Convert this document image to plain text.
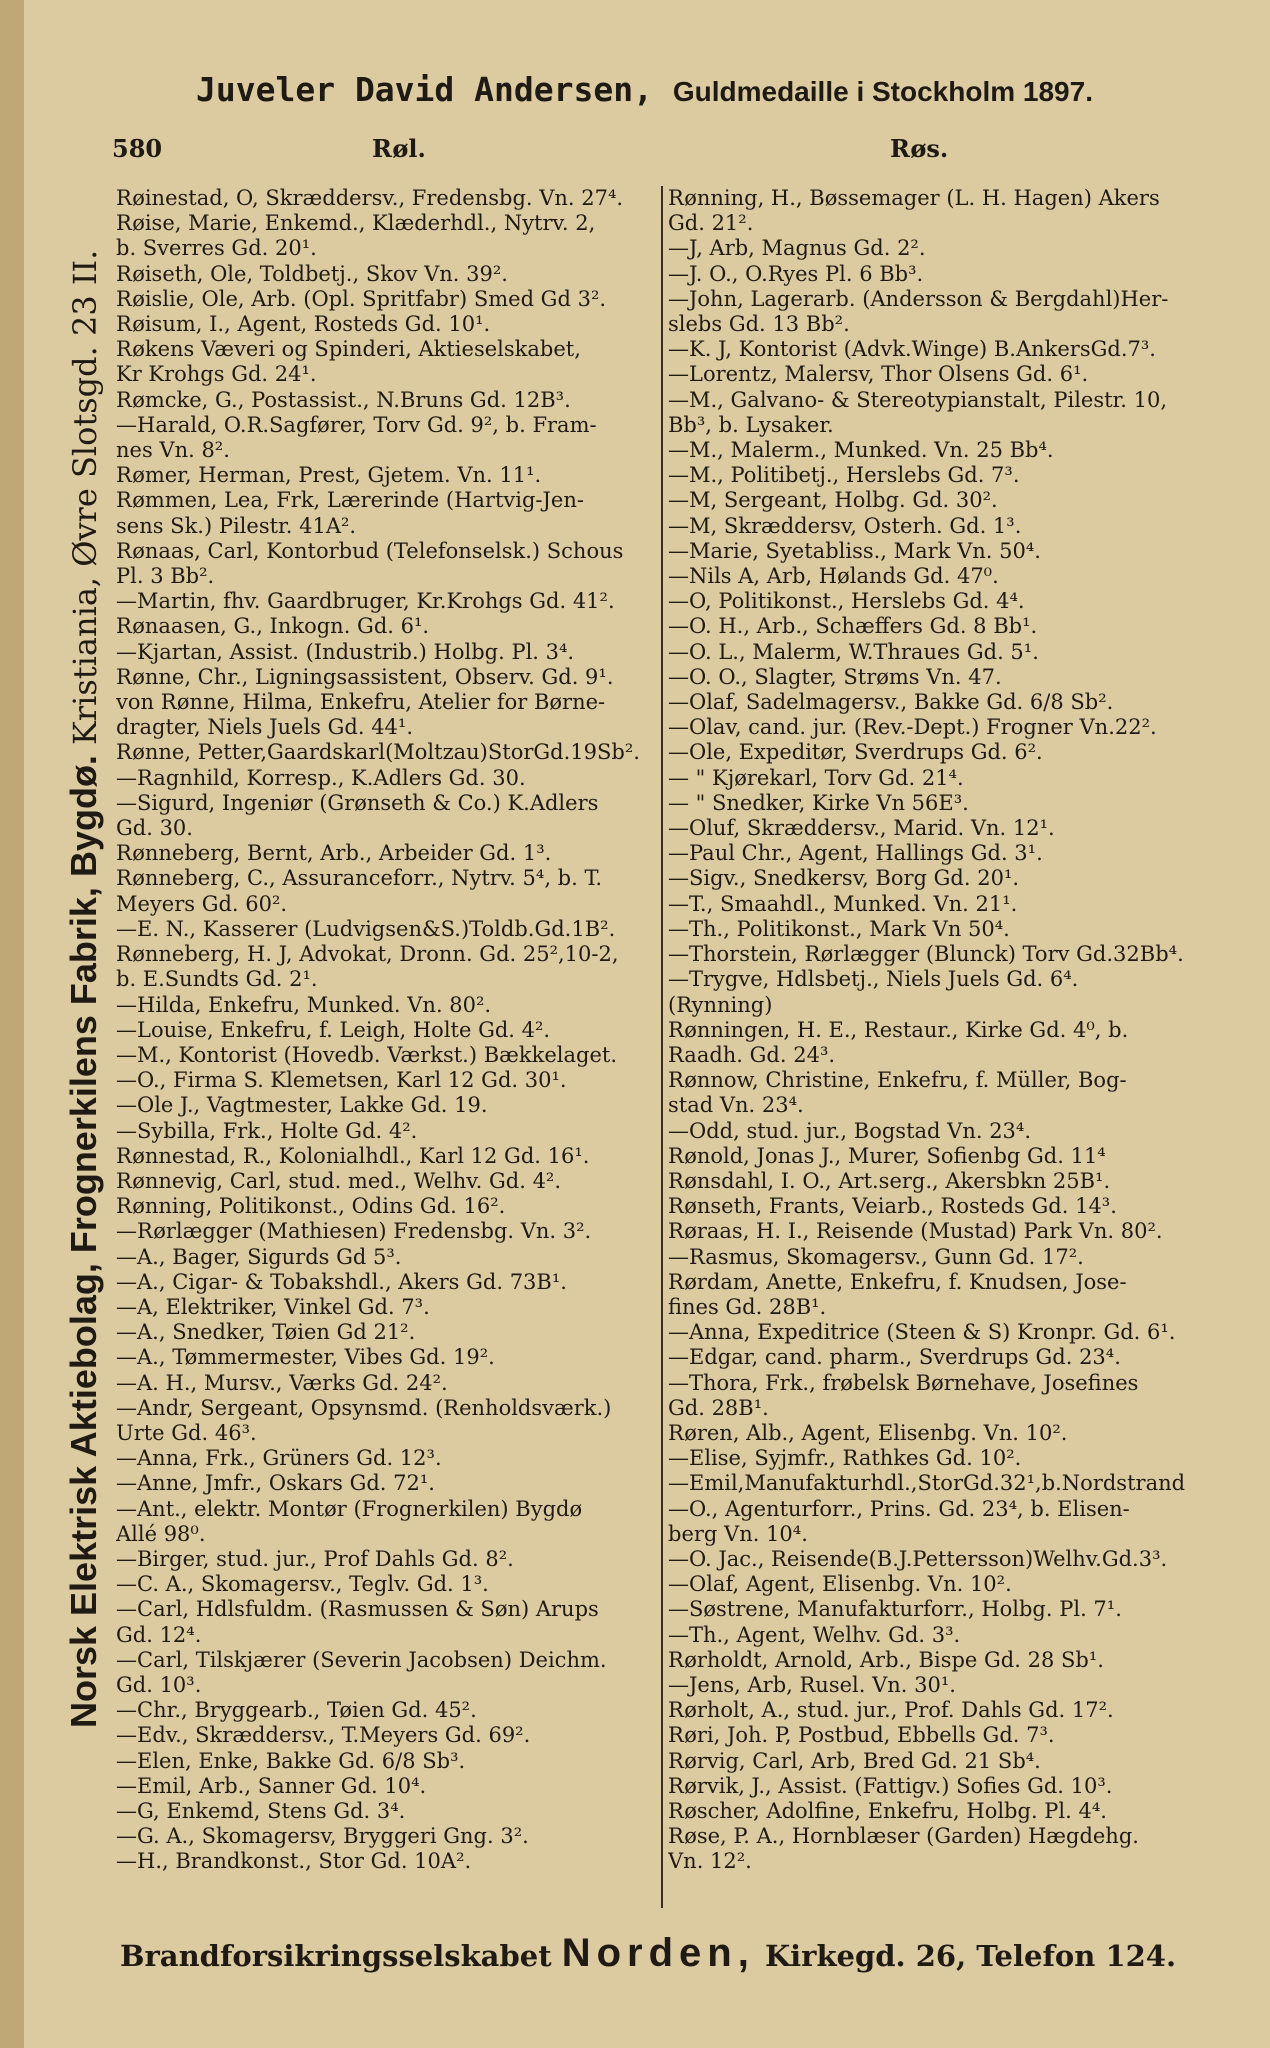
Juveler David Andersen, Guldmedaille i Stockholm 1897.
580	Røl.	Røs.
Norsk Elektrisk Aktiebolag, Frognerkilens Fabrik, Bygdø. Kristiania, Øvre Slotsgd. 23 II.
Røinestad, O, Skræddersv., Fredensbg. Vn. 27⁴.
Røise, Marie, Enkemd., Klæderhdl., Nytrv. 2,
b. Sverres Gd. 20¹.
Røiseth, Ole, Toldbetj., Skov Vn. 39².
Røislie, Ole, Arb. (Opl. Spritfabr) Smed Gd 3².
Røisum, I., Agent, Rosteds Gd. 10¹.
Røkens Væveri og Spinderi, Aktieselskabet,
Kr Krohgs Gd. 24¹.
Rømcke, G., Postassist., N.Bruns Gd. 12B³.
—Harald, O.R.Sagfører, Torv Gd. 9², b. Fram-
nes Vn. 8².
Rømer, Herman, Prest, Gjetem. Vn. 11¹.
Rømmen, Lea, Frk, Lærerinde (Hartvig-Jen-
sens Sk.) Pilestr. 41A².
Rønaas, Carl, Kontorbud (Telefonselsk.) Schous
Pl. 3 Bb².
—Martin, fhv. Gaardbruger, Kr.Krohgs Gd. 41².
Rønaasen, G., Inkogn. Gd. 6¹.
—Kjartan, Assist. (Industrib.) Holbg. Pl. 3⁴.
Rønne, Chr., Ligningsassistent, Observ. Gd. 9¹.
von Rønne, Hilma, Enkefru, Atelier for Børne-
dragter, Niels Juels Gd. 44¹.
Rønne, Petter,Gaardskarl(Moltzau)StorGd.19Sb².
—Ragnhild, Korresp., K.Adlers Gd. 30.
—Sigurd, Ingeniør (Grønseth & Co.) K.Adlers
Gd. 30.
Rønneberg, Bernt, Arb., Arbeider Gd. 1³.
Rønneberg, C., Assuranceforr., Nytrv. 5⁴, b. T.
Meyers Gd. 60².
—E. N., Kasserer (Ludvigsen&S.)Toldb.Gd.1B².
Rønneberg, H. J, Advokat, Dronn. Gd. 25²,10-2,
b. E.Sundts Gd. 2¹.
—Hilda, Enkefru, Munked. Vn. 80².
—Louise, Enkefru, f. Leigh, Holte Gd. 4².
—M., Kontorist (Hovedb. Værkst.) Bækkelaget.
—O., Firma S. Klemetsen, Karl 12 Gd. 30¹.
—Ole J., Vagtmester, Lakke Gd. 19.
—Sybilla, Frk., Holte Gd. 4².
Rønnestad, R., Kolonialhdl., Karl 12 Gd. 16¹.
Rønnevig, Carl, stud. med., Welhv. Gd. 4².
Rønning, Politikonst., Odins Gd. 16².
—Rørlægger (Mathiesen) Fredensbg. Vn. 3².
—A., Bager, Sigurds Gd 5³.
—A., Cigar- & Tobakshdl., Akers Gd. 73B¹.
—A, Elektriker, Vinkel Gd. 7³.
—A., Snedker, Tøien Gd 21².
—A., Tømmermester, Vibes Gd. 19².
—A. H., Mursv., Værks Gd. 24².
—Andr, Sergeant, Opsynsmd. (Renholdsværk.)
Urte Gd. 46³.
—Anna, Frk., Grüners Gd. 12³.
—Anne, Jmfr., Oskars Gd. 72¹.
—Ant., elektr. Montør (Frognerkilen) Bygdø
Allé 98⁰.
—Birger, stud. jur., Prof Dahls Gd. 8².
—C. A., Skomagersv., Teglv. Gd. 1³.
—Carl, Hdlsfuldm. (Rasmussen & Søn) Arups
Gd. 12⁴.
—Carl, Tilskjærer (Severin Jacobsen) Deichm.
Gd. 10³.
—Chr., Bryggearb., Tøien Gd. 45².
—Edv., Skræddersv., T.Meyers Gd. 69².
—Elen, Enke, Bakke Gd. 6/8 Sb³.
—Emil, Arb., Sanner Gd. 10⁴.
—G, Enkemd, Stens Gd. 3⁴.
—G. A., Skomagersv, Bryggeri Gng. 3².
—H., Brandkonst., Stor Gd. 10A².
Rønning, H., Bøssemager (L. H. Hagen) Akers
Gd. 21².
—J, Arb, Magnus Gd. 2².
—J. O., O.Ryes Pl. 6 Bb³.
—John, Lagerarb. (Andersson & Bergdahl)Her-
slebs Gd. 13 Bb².
—K. J, Kontorist (Advk.Winge) B.AnkersGd.7³.
—Lorentz, Malersv, Thor Olsens Gd. 6¹.
—M., Galvano- & Stereotypianstalt, Pilestr. 10,
Bb³, b. Lysaker.
—M., Malerm., Munked. Vn. 25 Bb⁴.
—M., Politibetj., Herslebs Gd. 7³.
—M, Sergeant, Holbg. Gd. 30².
—M, Skræddersv, Osterh. Gd. 1³.
—Marie, Syetabliss., Mark Vn. 50⁴.
—Nils A, Arb, Hølands Gd. 47⁰.
—O, Politikonst., Herslebs Gd. 4⁴.
—O. H., Arb., Schæffers Gd. 8 Bb¹.
—O. L., Malerm, W.Thraues Gd. 5¹.
—O. O., Slagter, Strøms Vn. 47.
—Olaf, Sadelmagersv., Bakke Gd. 6/8 Sb².
—Olav, cand. jur. (Rev.-Dept.) Frogner Vn.22².
—Ole, Expeditør, Sverdrups Gd. 6².
— " Kjørekarl, Torv Gd. 21⁴.
— " Snedker, Kirke Vn 56E³.
—Oluf, Skræddersv., Marid. Vn. 12¹.
—Paul Chr., Agent, Hallings Gd. 3¹.
—Sigv., Snedkersv, Borg Gd. 20¹.
—T., Smaahdl., Munked. Vn. 21¹.
—Th., Politikonst., Mark Vn 50⁴.
—Thorstein, Rørlægger (Blunck) Torv Gd.32Bb⁴.
—Trygve, Hdlsbetj., Niels Juels Gd. 6⁴.
(Rynning)
Rønningen, H. E., Restaur., Kirke Gd. 4⁰, b.
Raadh. Gd. 24³.
Rønnow, Christine, Enkefru, f. Müller, Bog-
stad Vn. 23⁴.
—Odd, stud. jur., Bogstad Vn. 23⁴.
Rønold, Jonas J., Murer, Sofienbg Gd. 11⁴
Rønsdahl, I. O., Art.serg., Akersbkn 25B¹.
Rønseth, Frants, Veiarb., Rosteds Gd. 14³.
Røraas, H. I., Reisende (Mustad) Park Vn. 80².
—Rasmus, Skomagersv., Gunn Gd. 17².
Rørdam, Anette, Enkefru, f. Knudsen, Jose-
fines Gd. 28B¹.
—Anna, Expeditrice (Steen & S) Kronpr. Gd. 6¹.
—Edgar, cand. pharm., Sverdrups Gd. 23⁴.
—Thora, Frk., frøbelsk Børnehave, Josefines
Gd. 28B¹.
Røren, Alb., Agent, Elisenbg. Vn. 10².
—Elise, Syjmfr., Rathkes Gd. 10².
—Emil,Manufakturhdl.,StorGd.32¹,b.Nordstrand
—O., Agenturforr., Prins. Gd. 23⁴, b. Elisen-
berg Vn. 10⁴.
—O. Jac., Reisende(B.J.Pettersson)Welhv.Gd.3³.
—Olaf, Agent, Elisenbg. Vn. 10².
—Søstrene, Manufakturforr., Holbg. Pl. 7¹.
—Th., Agent, Welhv. Gd. 3³.
Rørholdt, Arnold, Arb., Bispe Gd. 28 Sb¹.
—Jens, Arb, Rusel. Vn. 30¹.
Rørholt, A., stud. jur., Prof. Dahls Gd. 17².
Røri, Joh. P, Postbud, Ebbells Gd. 7³.
Rørvig, Carl, Arb, Bred Gd. 21 Sb⁴.
Rørvik, J., Assist. (Fattigv.) Sofies Gd. 10³.
Røscher, Adolfine, Enkefru, Holbg. Pl. 4⁴.
Røse, P. A., Hornblæser (Garden) Hægdehg.
Vn. 12².
Brandforsikringsselskabet Norden, Kirkegd. 26, Telefon 124.
